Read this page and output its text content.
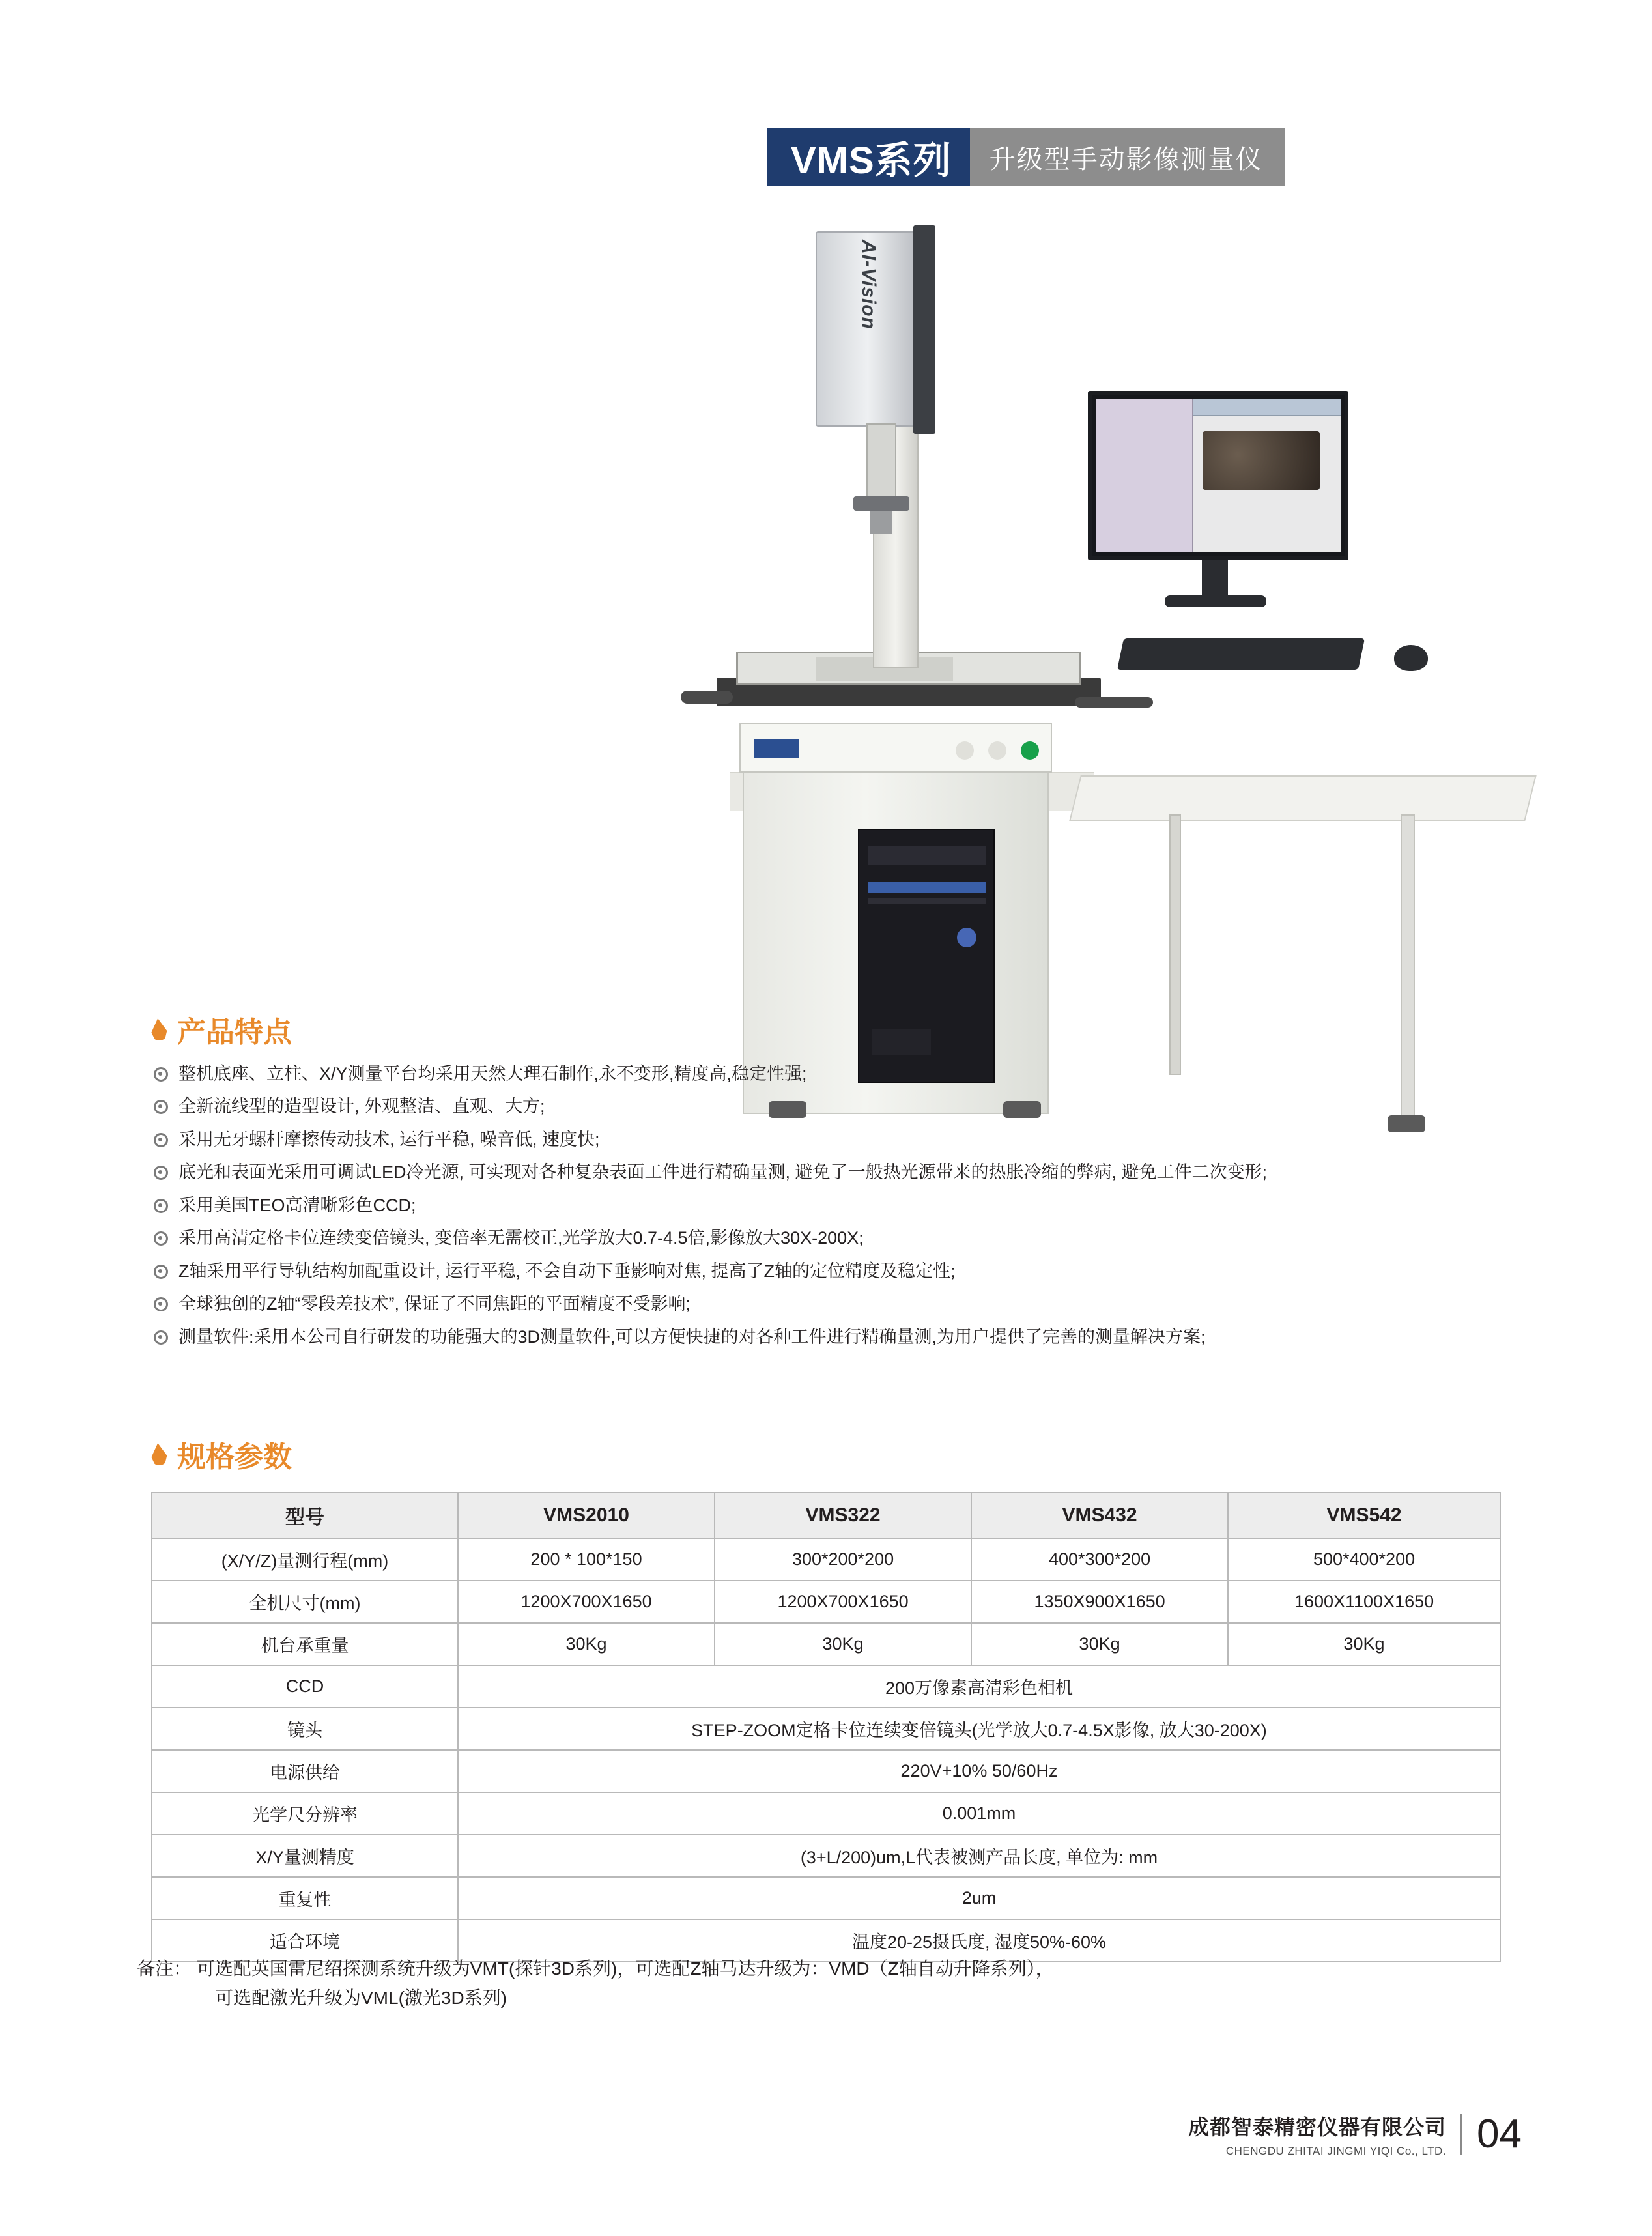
VMS系列	升级型手动影像测量仪
AI-Vision
产品特点
整机底座、立柱、X/Y测量平台均采用天然大理石制作,永不变形,精度高,稳定性强;
全新流线型的造型设计, 外观整洁、直观、大方;
采用无牙螺杆摩擦传动技术, 运行平稳, 噪音低, 速度快;
底光和表面光采用可调试LED冷光源, 可实现对各种复杂表面工件进行精确量测, 避免了一般热光源带来的热胀冷缩的弊病, 避免工件二次变形;
采用美国TEO高清晰彩色CCD;
采用高清定格卡位连续变倍镜头, 变倍率无需校正,光学放大0.7-4.5倍,影像放大30X-200X;
Z轴采用平行导轨结构加配重设计, 运行平稳, 不会自动下垂影响对焦, 提高了Z轴的定位精度及稳定性;
全球独创的Z轴“零段差技术”, 保证了不同焦距的平面精度不受影响;
测量软件:采用本公司自行研发的功能强大的3D测量软件,可以方便快捷的对各种工件进行精确量测,为用户提供了完善的测量解决方案;
规格参数
型号	VMS2010	VMS322	VMS432	VMS542
(X/Y/Z)量测行程(mm)	200 * 100*150	300*200*200	400*300*200	500*400*200
全机尺寸(mm)	1200X700X1650	1200X700X1650	1350X900X1650	1600X1100X1650
机台承重量	30Kg	30Kg	30Kg	30Kg
CCD	200万像素高清彩色相机			
镜头	STEP-ZOOM定格卡位连续变倍镜头(光学放大0.7-4.5X影像, 放大30-200X)			
电源供给	220V+10% 50/60Hz			
光学尺分辨率	0.001mm			
X/Y量测精度	(3+L/200)um,L代表被测产品长度, 单位为: mm			
重复性	2um			
适合环境	温度20-25摄氏度, 湿度50%-60%			
备注： 可选配英国雷尼绍探测系统升级为VMT(探针3D系列)，可选配Z轴马达升级为：VMD（Z轴自动升降系列），
可选配激光升级为VML(激光3D系列)
成都智泰精密仪器有限公司
CHENGDU ZHITAI JINGMI YIQI Co., LTD. 04
